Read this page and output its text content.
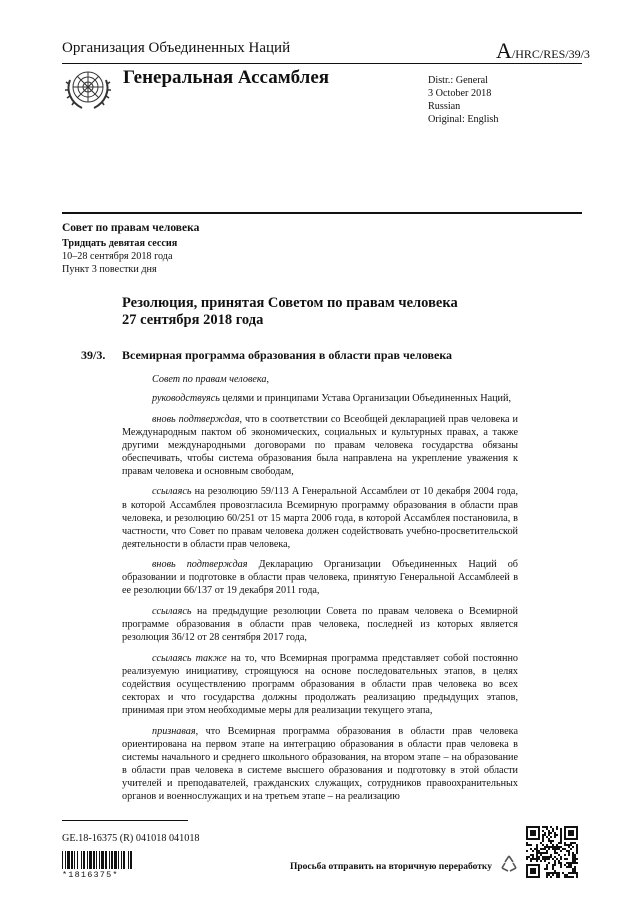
Организация Объединенных Наций	A/HRC/RES/39/3
Генеральная Ассамблея	Distr.: General
3 October 2018
Russian
Original: English
Совет по правам человека
Тридцать девятая сессия
10–28 сентября 2018 года
Пункт 3 повестки дня
Резолюция, принятая Советом по правам человека
27 сентября 2018 года
39/3. Всемирная программа образования в области прав человека

Совет по правам человека,

руководствуясь целями и принципами Устава Организации Объединенных Наций,

вновь подтверждая, что в соответствии со Всеобщей декларацией прав человека и Международным пактом об экономических, социальных и культурных правах, а также другими международными договорами по правам человека государства обязаны обеспечивать, чтобы система образования была направлена на укрепление уважения к правам человека и основным свободам,

ссылаясь на резолюцию 59/113 A Генеральной Ассамблеи от 10 декабря 2004 года, в которой Ассамблея провозгласила Всемирную программу образования в области прав человека, и резолюцию 60/251 от 15 марта 2006 года, в которой Ассамблея постановила, в частности, что Совет по правам человека должен содействовать учебно-просветительской деятельности в области прав человека,

вновь подтверждая Декларацию Организации Объединенных Наций об образовании и подготовке в области прав человека, принятую Генеральной Ассамблеей в ее резолюции 66/137 от 19 декабря 2011 года,

ссылаясь на предыдущие резолюции Совета по правам человека о Всемирной программе образования в области прав человека, последней из которых является резолюция 36/12 от 28 сентября 2017 года,

ссылаясь также на то, что Всемирная программа представляет собой постоянно реализуемую инициативу, строящуюся на основе последовательных этапов, в целях содействия осуществлению программ образования в области прав человека во всех секторах и что государства должны продолжать реализацию предыдущих этапов, принимая при этом необходимые меры для реализации текущего этапа,

признавая, что Всемирная программа образования в области прав человека ориентирована на первом этапе на интеграцию образования в области прав человека в системы начального и среднего школьного образования, на втором этапе – на образование в области прав человека в системе высшего образования и подготовку в этой области учителей и преподавателей, гражданских служащих, сотрудников правоохранительных органов и военнослужащих и на третьем этапе – на реализацию

GE.18-16375 (R) 041018 041018
*1816375*
Просьба отправить на вторичную переработку
